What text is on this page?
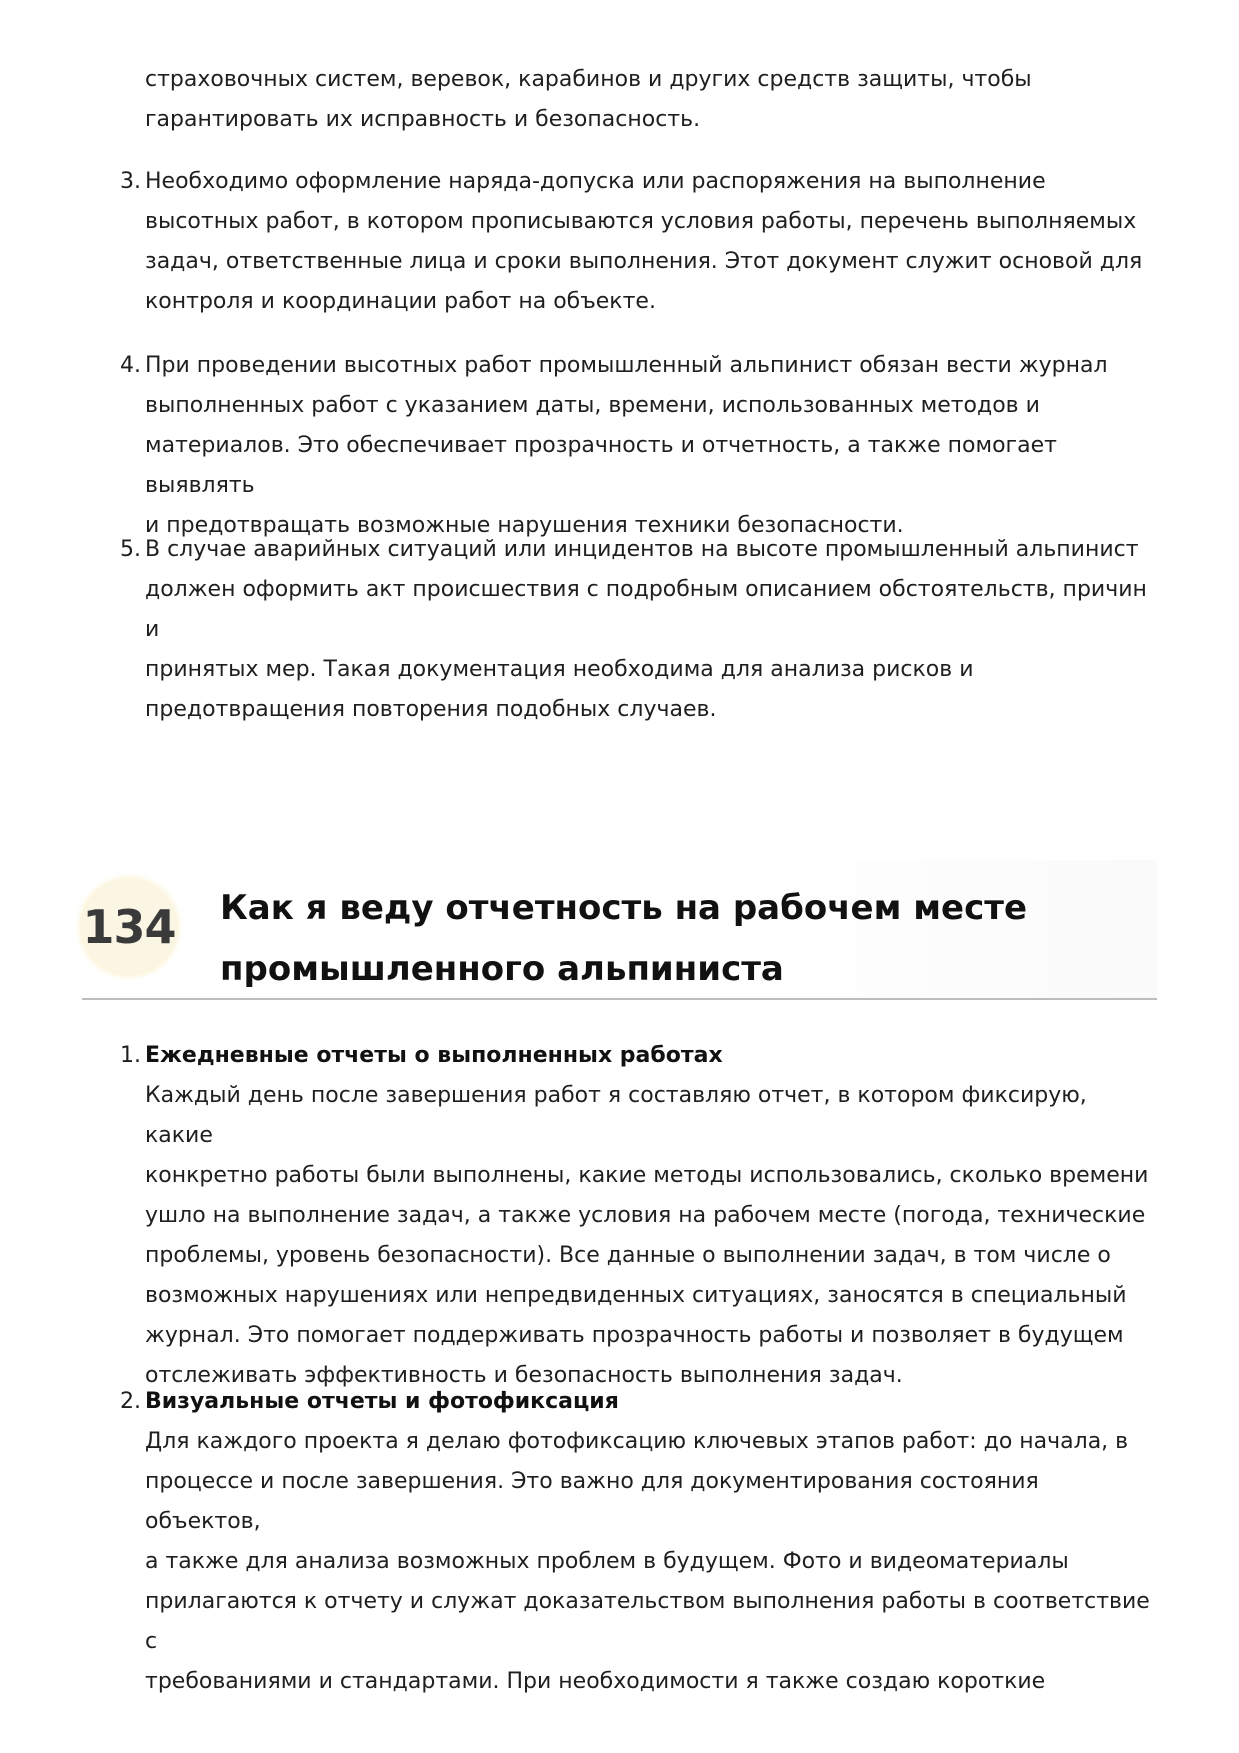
страховочных систем, веревок, карабинов и других средств защиты, чтобы
гарантировать их исправность и безопасность.
3. Необходимо оформление наряда-допуска или распоряжения на выполнение
высотных работ, в котором прописываются условия работы, перечень выполняемых
задач, ответственные лица и сроки выполнения. Этот документ служит основой для
контроля и координации работ на объекте.
4. При проведении высотных работ промышленный альпинист обязан вести журнал
выполненных работ с указанием даты, времени, использованных методов и
материалов. Это обеспечивает прозрачность и отчетность, а также помогает выявлять
и предотвращать возможные нарушения техники безопасности.
5. В случае аварийных ситуаций или инцидентов на высоте промышленный альпинист
должен оформить акт происшествия с подробным описанием обстоятельств, причин и
принятых мер. Такая документация необходима для анализа рисков и
предотвращения повторения подобных случаев.
134 Как я веду отчетность на рабочем месте
промышленного альпиниста
1. Ежедневные отчеты о выполненных работах
Каждый день после завершения работ я составляю отчет, в котором фиксирую, какие
конкретно работы были выполнены, какие методы использовались, сколько времени
ушло на выполнение задач, а также условия на рабочем месте (погода, технические
проблемы, уровень безопасности). Все данные о выполнении задач, в том числе о
возможных нарушениях или непредвиденных ситуациях, заносятся в специальный
журнал. Это помогает поддерживать прозрачность работы и позволяет в будущем
отслеживать эффективность и безопасность выполнения задач.
2. Визуальные отчеты и фотофиксация
Для каждого проекта я делаю фотофиксацию ключевых этапов работ: до начала, в
процессе и после завершения. Это важно для документирования состояния объектов,
а также для анализа возможных проблем в будущем. Фото и видеоматериалы
прилагаются к отчету и служат доказательством выполнения работы в соответствие с
требованиями и стандартами. При необходимости я также создаю короткие
